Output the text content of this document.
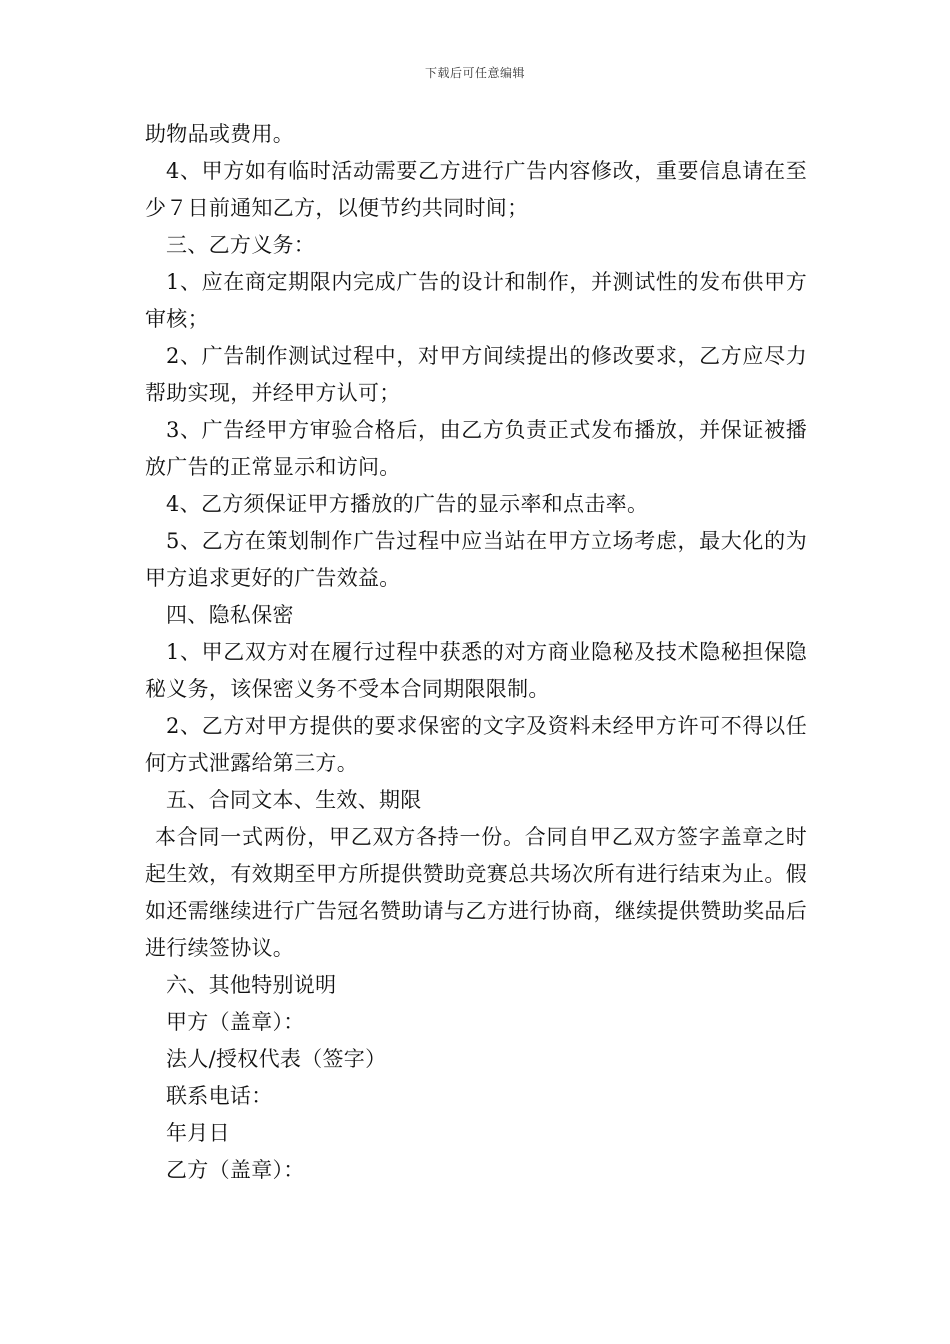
下载后可任意编辑

助物品或费用。

4、甲方如有临时活动需要乙方进行广告内容修改，重要信息请在至少７日前通知乙方，以便节约共同时间；

三、乙方义务：

1、应在商定期限内完成广告的设计和制作，并测试性的发布供甲方审核；

2、广告制作测试过程中，对甲方间续提出的修改要求，乙方应尽力帮助实现，并经甲方认可；

3、广告经甲方审验合格后，由乙方负责正式发布播放，并保证被播放广告的正常显示和访问。

4、乙方须保证甲方播放的广告的显示率和点击率。

5、乙方在策划制作广告过程中应当站在甲方立场考虑，最大化的为甲方追求更好的广告效益。

四、隐私保密

1、甲乙双方对在履行过程中获悉的对方商业隐秘及技术隐秘担保隐秘义务，该保密义务不受本合同期限限制。

2、乙方对甲方提供的要求保密的文字及资料未经甲方许可不得以任何方式泄露给第三方。

五、合同文本、生效、期限

本合同一式两份，甲乙双方各持一份。合同自甲乙双方签字盖章之时起生效，有效期至甲方所提供赞助竞赛总共场次所有进行结束为止。假如还需继续进行广告冠名赞助请与乙方进行协商，继续提供赞助奖品后进行续签协议。

六、其他特别说明

甲方（盖章）：

法人/授权代表（签字）

联系电话：

年月日

乙方（盖章）：
